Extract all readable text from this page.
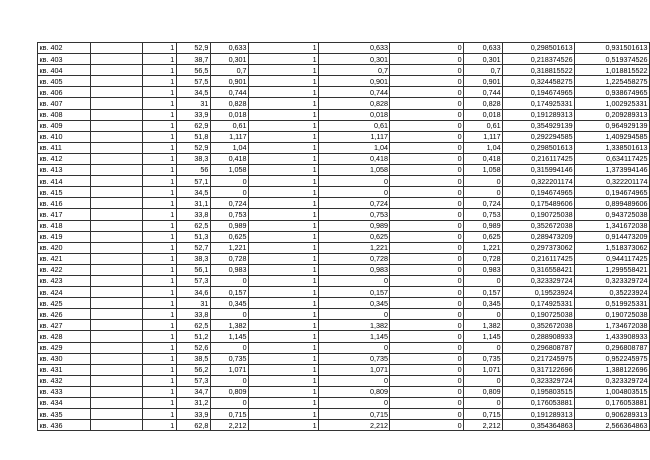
кв. 402		1	52,9	0,633	1	0,633	0	0,633	0,298501613	0,931501613
кв. 403		1	38,7	0,301	1	0,301	0	0,301	0,218374526	0,519374526
кв. 404		1	56,5	0,7	1	0,7	0	0,7	0,318815522	1,018815522
кв. 405		1	57,5	0,901	1	0,901	0	0,901	0,324458275	1,225458275
кв. 406		1	34,5	0,744	1	0,744	0	0,744	0,194674965	0,938674965
кв. 407		1	31	0,828	1	0,828	0	0,828	0,174925331	1,002925331
кв. 408		1	33,9	0,018	1	0,018	0	0,018	0,191289313	0,209289313
кв. 409		1	62,9	0,61	1	0,61	0	0,61	0,354929139	0,964929139
кв. 410		1	51,8	1,117	1	1,117	0	1,117	0,292294585	1,409294585
кв. 411		1	52,9	1,04	1	1,04	0	1,04	0,298501613	1,338501613
кв. 412		1	38,3	0,418	1	0,418	0	0,418	0,216117425	0,634117425
кв. 413		1	56	1,058	1	1,058	0	1,058	0,315994146	1,373994146
кв. 414		1	57,1	0	1	0	0	0	0,322201174	0,322201174
кв. 415		1	34,5	0	1	0	0	0	0,194674965	0,194674965
кв. 416		1	31,1	0,724	1	0,724	0	0,724	0,175489606	0,899489606
кв. 417		1	33,8	0,753	1	0,753	0	0,753	0,190725038	0,943725038
кв. 418		1	62,5	0,989	1	0,989	0	0,989	0,352672038	1,341672038
кв. 419		1	51,3	0,625	1	0,625	0	0,625	0,289473209	0,914473209
кв. 420		1	52,7	1,221	1	1,221	0	1,221	0,297373062	1,518373062
кв. 421		1	38,3	0,728	1	0,728	0	0,728	0,216117425	0,944117425
кв. 422		1	56,1	0,983	1	0,983	0	0,983	0,316558421	1,299558421
кв. 423		1	57,3	0	1	0	0	0	0,323329724	0,323329724
кв. 424		1	34,6	0,157	1	0,157	0	0,157	0,19523924	0,35223924
кв. 425		1	31	0,345	1	0,345	0	0,345	0,174925331	0,519925331
кв. 426		1	33,8	0	1	0	0	0	0,190725038	0,190725038
кв. 427		1	62,5	1,382	1	1,382	0	1,382	0,352672038	1,734672038
кв. 428		1	51,2	1,145	1	1,145	0	1,145	0,288908933	1,433908933
кв. 429		1	52,6	0	1	0	0	0	0,296808787	0,296808787
кв. 430		1	38,5	0,735	1	0,735	0	0,735	0,217245975	0,952245975
кв. 431		1	56,2	1,071	1	1,071	0	1,071	0,317122696	1,388122696
кв. 432		1	57,3	0	1	0	0	0	0,323329724	0,323329724
кв. 433		1	34,7	0,809	1	0,809	0	0,809	0,195803515	1,004803515
кв. 434		1	31,2	0	1	0	0	0	0,176053881	0,176053881
кв. 435		1	33,9	0,715	1	0,715	0	0,715	0,191289313	0,906289313
кв. 436		1	62,8	2,212	1	2,212	0	2,212	0,354364863	2,566364863
